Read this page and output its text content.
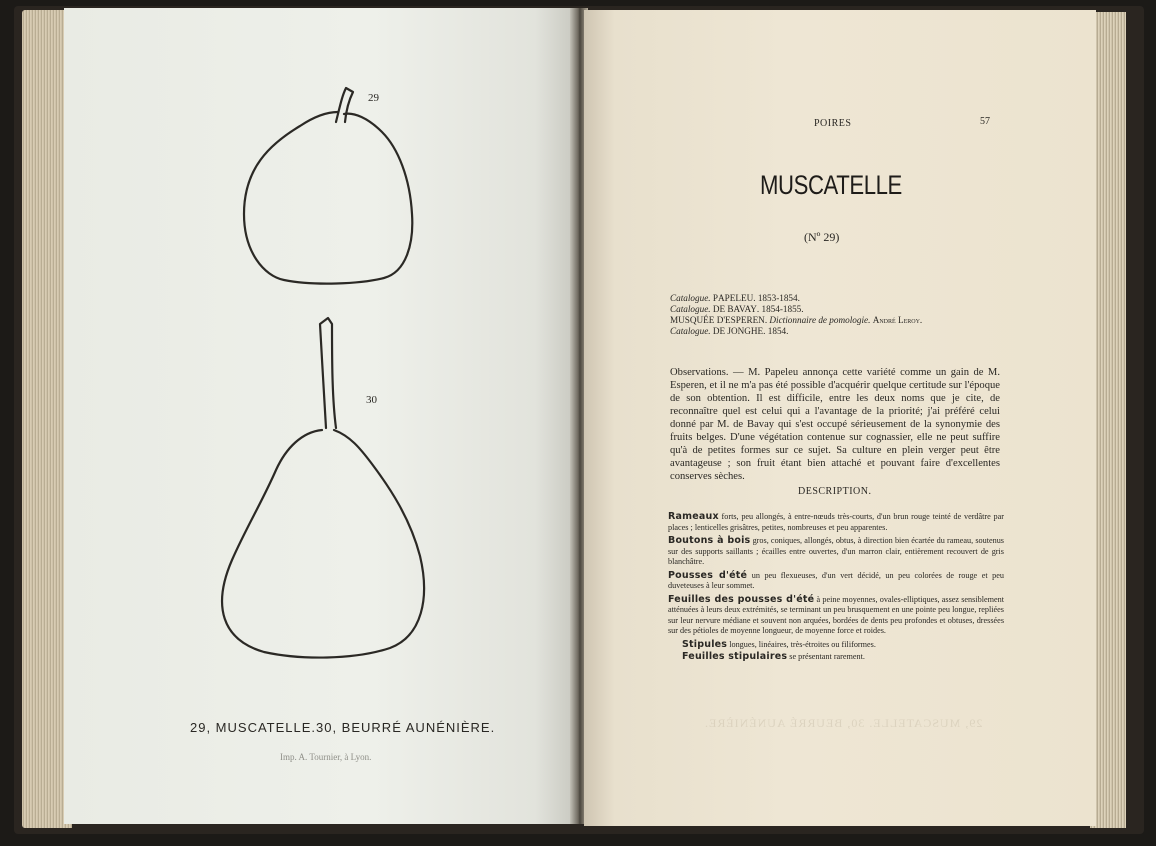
29
30
29, MUSCATELLE. 30, BEURRÉ AUNÉNIÈRE.
Imp. A. Tournier, à Lyon.
29, MUSCATELLE. 30, BEURRÉ AUNÉNIÈRE.
POIRES	57
MUSCATELLE
(Nº 29)
Catalogue. PAPELEU. 1853-1854.
Catalogue. DE BAVAY. 1854-1855.
MUSQUÉE D'ESPEREN. Dictionnaire de pomologie. André Leroy.
Catalogue. DE JONGHE. 1854.
Observations. — M. Papeleu annonça cette variété comme un gain de M. Esperen, et il ne m'a pas été possible d'acquérir quelque certitude sur l'époque de son obtention. Il est difficile, entre les deux noms que je cite, de reconnaître quel est celui qui a l'avantage de la priorité; j'ai préféré celui donné par M. de Bavay qui s'est occupé sérieusement de la synonymie des fruits belges. D'une végétation contenue sur cognassier, elle ne peut suffire qu'à de petites formes sur ce sujet. Sa culture en plein verger peut être avantageuse ; son fruit étant bien attaché et pouvant faire d'excellentes conserves sèches.
DESCRIPTION.

Rameaux forts, peu allongés, à entre-nœuds très-courts, d'un brun rouge teinté de verdâtre par places ; lenticelles grisâtres, petites, nombreuses et peu apparentes.

Boutons à bois gros, coniques, allongés, obtus, à direction bien écartée du rameau, soutenus sur des supports saillants ; écailles entre ouvertes, d'un marron clair, entièrement recouvert de gris blanchâtre.

Pousses d'été un peu flexueuses, d'un vert décidé, un peu colorées de rouge et peu duveteuses à leur sommet.

Feuilles des pousses d'été à peine moyennes, ovales-elliptiques, assez sensiblement atténuées à leurs deux extrémités, se terminant un peu brusquement en une pointe peu longue, repliées sur leur nervure médiane et souvent non arquées, bordées de dents peu profondes et obtuses, dressées sur des pétioles de moyenne longueur, de moyenne force et roides.

Stipules longues, linéaires, très-étroites ou filiformes.

Feuilles stipulaires se présentant rarement.
